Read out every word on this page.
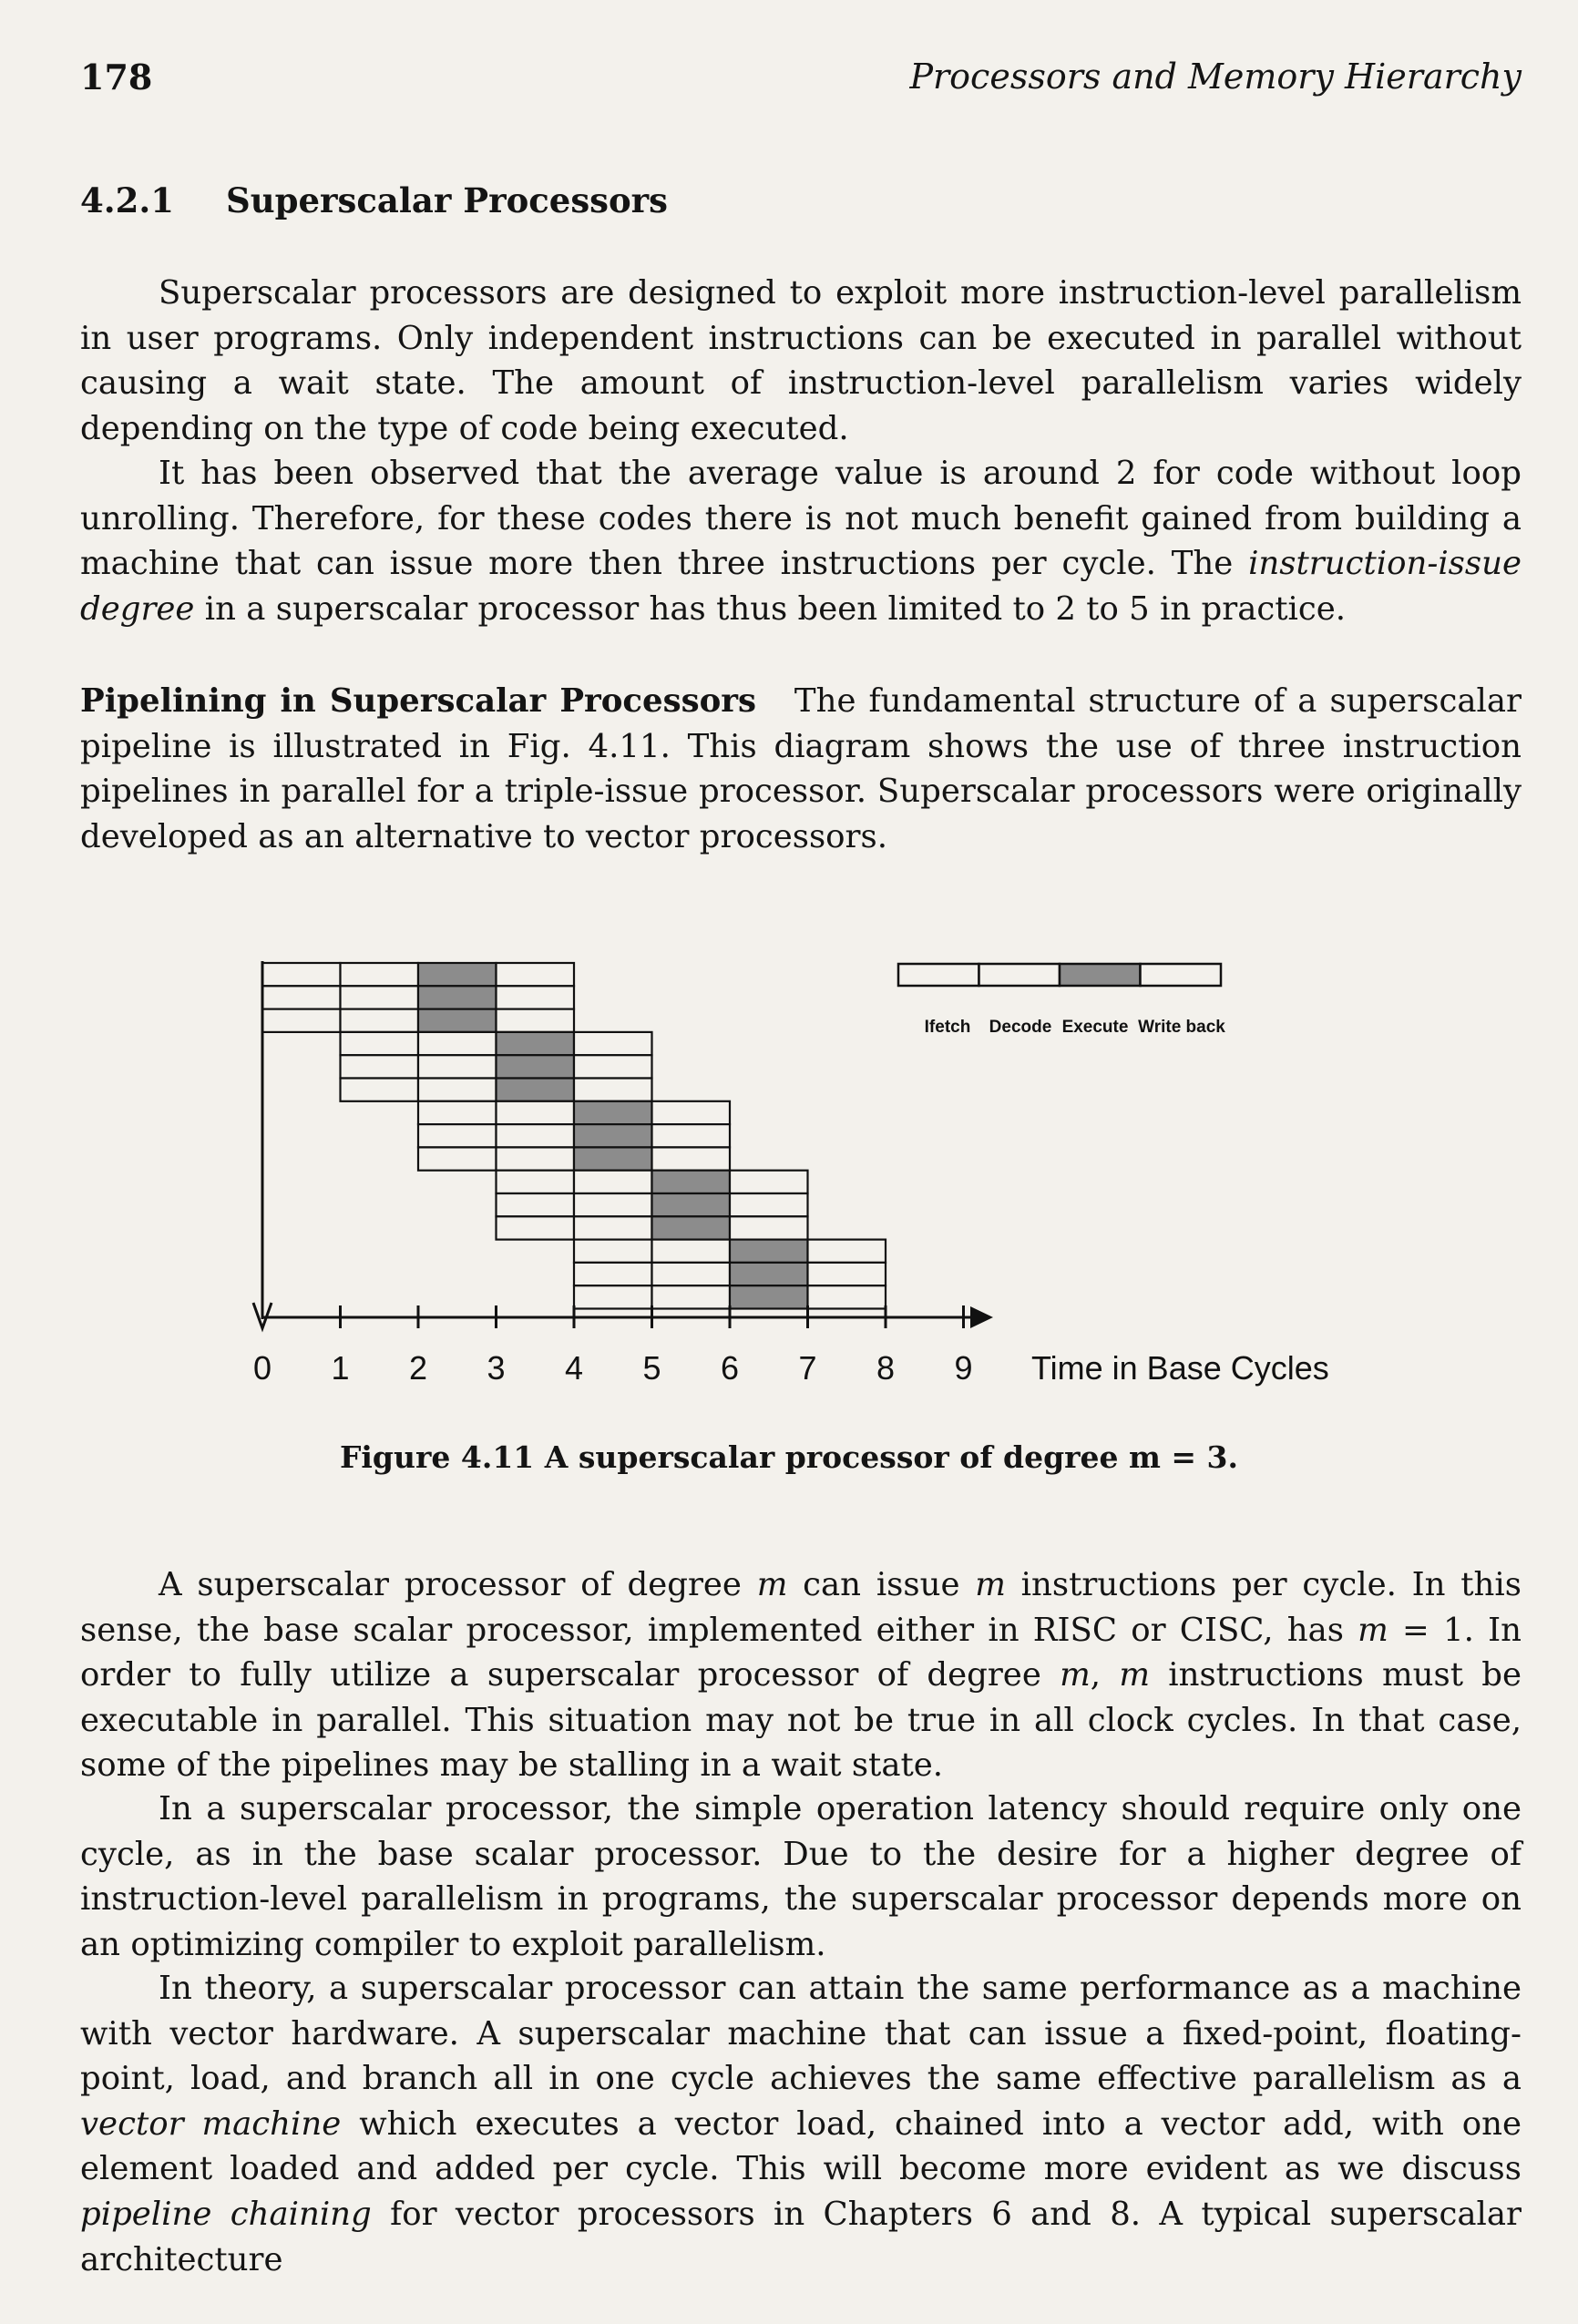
178	Processors and Memory Hierarchy
4.2.1 Superscalar Processors

Superscalar processors are designed to exploit more instruction-level parallelism in user programs. Only independent instructions can be executed in parallel without causing a wait state. The amount of instruction-level parallelism varies widely depending on the type of code being executed.

It has been observed that the average value is around 2 for code without loop unrolling. Therefore, for these codes there is not much benefit gained from building a machine that can issue more then three instructions per cycle. The instruction-issue degree in a superscalar processor has thus been limited to 2 to 5 in practice.

Pipelining in Superscalar Processors The fundamental structure of a superscalar pipeline is illustrated in Fig. 4.11. This diagram shows the use of three instruction pipelines in parallel for a triple-issue processor. Superscalar processors were originally developed as an alternative to vector processors.

Ifetch Decode Execute Write back
0 1 2 3 4 5 6 7 8 9 Time in Base Cycles
Figure 4.11 A superscalar processor of degree m = 3.

A superscalar processor of degree m can issue m instructions per cycle. In this sense, the base scalar processor, implemented either in RISC or CISC, has m = 1. In order to fully utilize a superscalar processor of degree m, m instructions must be executable in parallel. This situation may not be true in all clock cycles. In that case, some of the pipelines may be stalling in a wait state.

In a superscalar processor, the simple operation latency should require only one cycle, as in the base scalar processor. Due to the desire for a higher degree of instruction-level parallelism in programs, the superscalar processor depends more on an optimizing compiler to exploit parallelism.

In theory, a superscalar processor can attain the same performance as a machine with vector hardware. A superscalar machine that can issue a fixed-point, floating-point, load, and branch all in one cycle achieves the same effective parallelism as a vector machine which executes a vector load, chained into a vector add, with one element loaded and added per cycle. This will become more evident as we discuss pipeline chaining for vector processors in Chapters 6 and 8. A typical superscalar architecture
